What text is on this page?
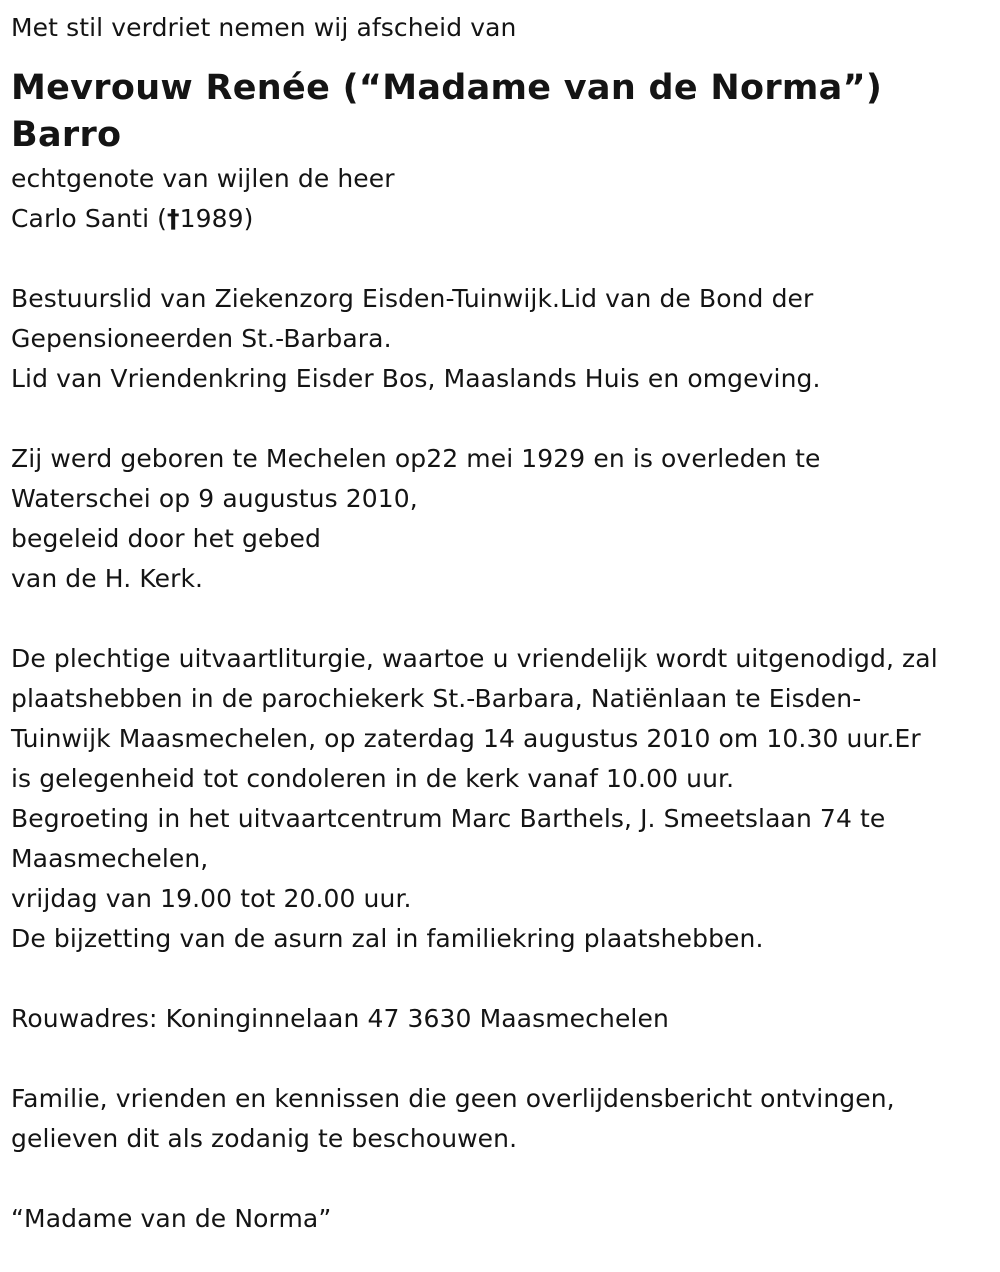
Met stil verdriet nemen wij afscheid van
Mevrouw Renée (“Madame van de Norma”)
Barro
echtgenote van wijlen de heer
Carlo Santi (†1989)
Bestuurslid van Ziekenzorg Eisden-Tuinwijk.Lid van de Bond der
Gepensioneerden St.-Barbara.
Lid van Vriendenkring Eisder Bos, Maaslands Huis en omgeving.
Zij werd geboren te Mechelen op22 mei 1929 en is overleden te
Waterschei op 9 augustus 2010,
begeleid door het gebed
van de H. Kerk.
De plechtige uitvaartliturgie, waartoe u vriendelijk wordt uitgenodigd, zal
plaatshebben in de parochiekerk St.-Barbara, Natiënlaan te Eisden-
Tuinwijk Maasmechelen, op zaterdag 14 augustus 2010 om 10.30 uur.Er
is gelegenheid tot condoleren in de kerk vanaf 10.00 uur.
Begroeting in het uitvaartcentrum Marc Barthels, J. Smeetslaan 74 te
Maasmechelen,
vrijdag van 19.00 tot 20.00 uur.
De bijzetting van de asurn zal in familiekring plaatshebben.
Rouwadres: Koninginnelaan 47 3630 Maasmechelen
Familie, vrienden en kennissen die geen overlijdensbericht ontvingen,
gelieven dit als zodanig te beschouwen.
“Madame van de Norma”
